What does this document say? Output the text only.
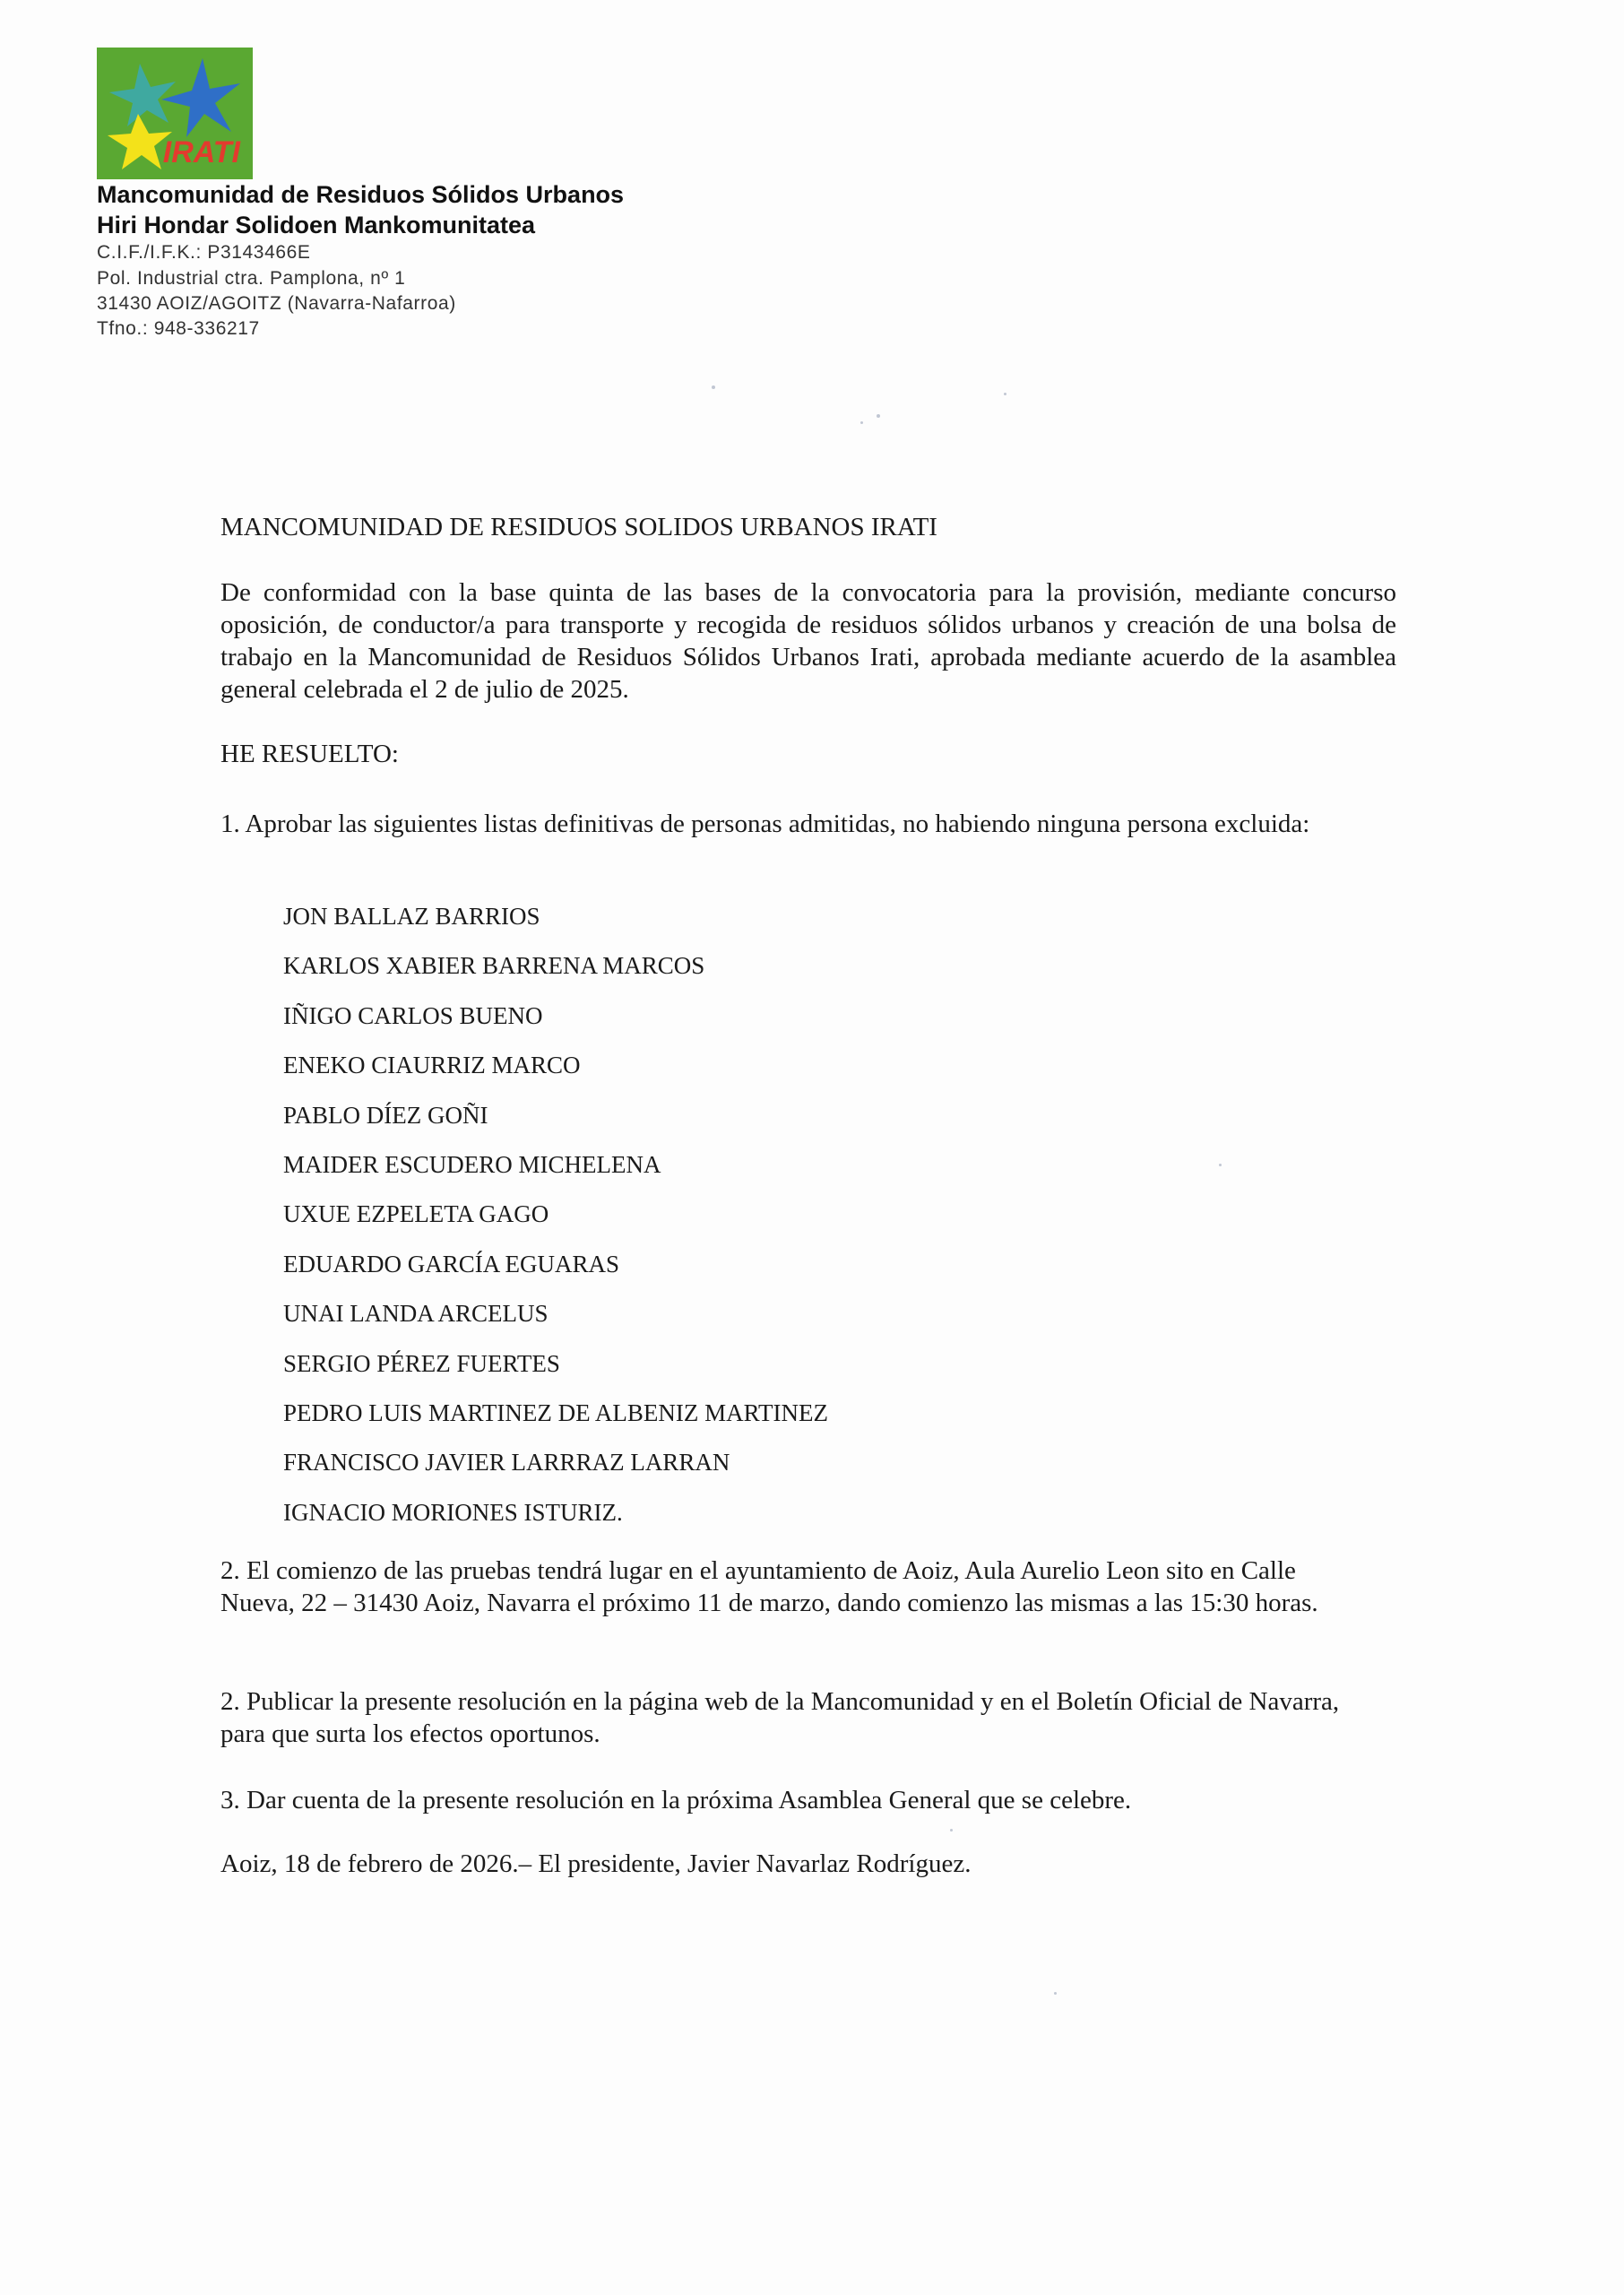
IRATI
Mancomunidad de Residuos Sólidos Urbanos
Hiri Hondar Solidoen Mankomunitatea
C.I.F./I.F.K.: P3143466E
Pol. Industrial ctra. Pamplona, nº 1
31430 AOIZ/AGOITZ (Navarra-Nafarroa)
Tfno.: 948-336217
MANCOMUNIDAD DE RESIDUOS SOLIDOS URBANOS IRATI
De conformidad con la base quinta de las bases de la convocatoria para la provisión, mediante concurso oposición, de conductor/a para transporte y recogida de residuos sólidos urbanos y creación de una bolsa de trabajo en la Mancomunidad de Residuos Sólidos Urbanos Irati, aprobada mediante acuerdo de la asamblea general celebrada el 2 de julio de 2025.
HE RESUELTO:
1. Aprobar las siguientes listas definitivas de personas admitidas, no habiendo ninguna persona excluida:
JON BALLAZ BARRIOS
KARLOS XABIER BARRENA MARCOS
IÑIGO CARLOS BUENO
ENEKO CIAURRIZ MARCO
PABLO DÍEZ GOÑI
MAIDER ESCUDERO MICHELENA
UXUE EZPELETA GAGO
EDUARDO GARCÍA EGUARAS
UNAI LANDA ARCELUS
SERGIO PÉREZ FUERTES
PEDRO LUIS MARTINEZ DE ALBENIZ MARTINEZ
FRANCISCO JAVIER LARRRAZ LARRAN
IGNACIO MORIONES ISTURIZ.
2. El comienzo de las pruebas tendrá lugar en el ayuntamiento de Aoiz, Aula Aurelio Leon sito en Calle Nueva, 22 – 31430 Aoiz, Navarra el próximo 11 de marzo, dando comienzo las mismas a las 15:30 horas.
2. Publicar la presente resolución en la página web de la Mancomunidad y en el Boletín Oficial de Navarra, para que surta los efectos oportunos.
3. Dar cuenta de la presente resolución en la próxima Asamblea General que se celebre.
Aoiz, 18 de febrero de 2026.– El presidente, Javier Navarlaz Rodríguez.
